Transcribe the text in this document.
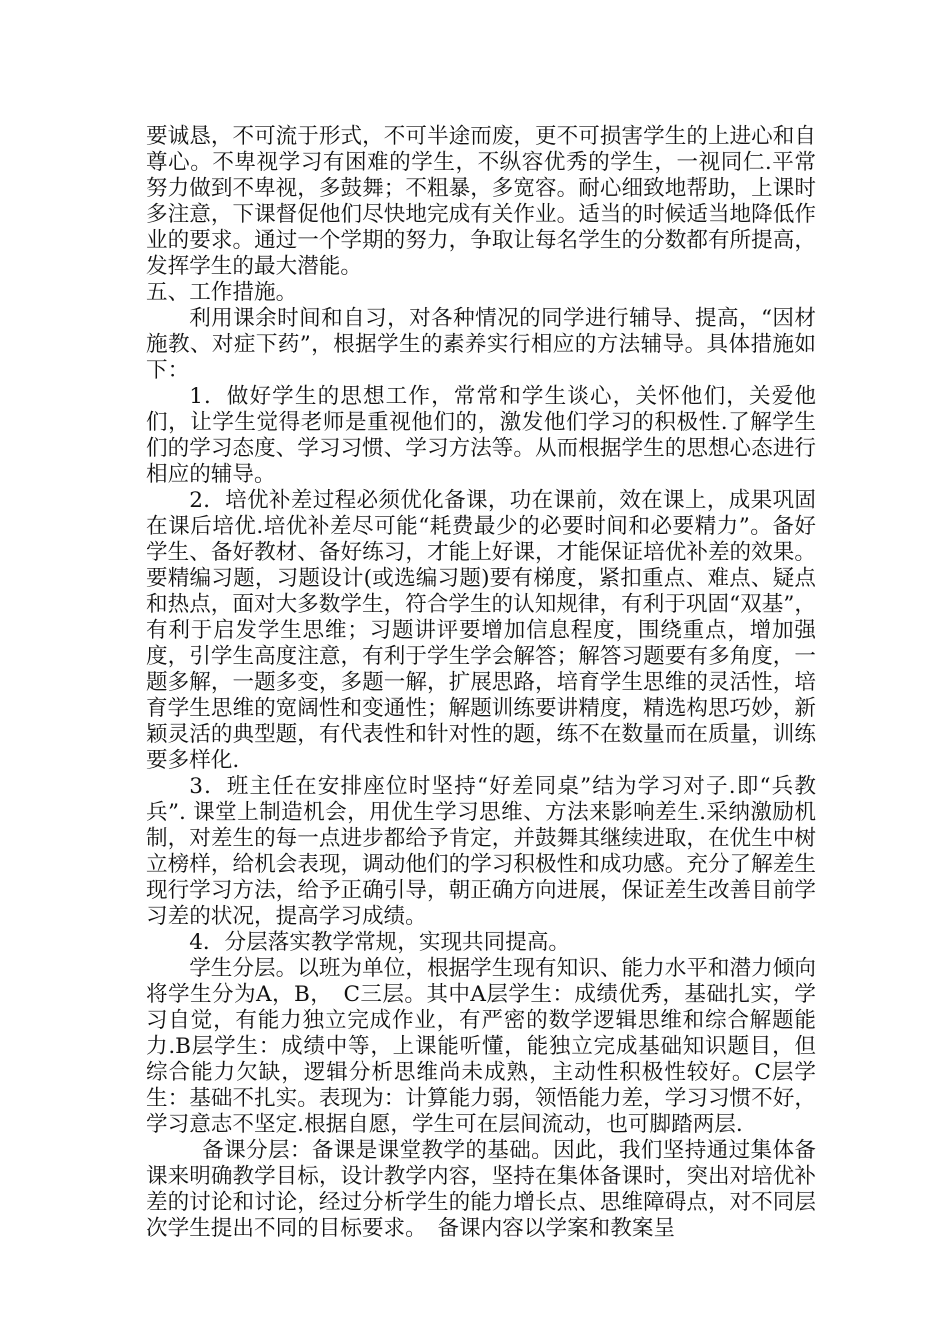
要诚恳，不可流于形式，不可半途而废，更不可损害学生的上进心和自尊心。不卑视学习有困难的学生，不纵容优秀的学生，一视同仁.平常努力做到不卑视，多鼓舞；不粗暴，多宽容。耐心细致地帮助，上课时多注意，下课督促他们尽快地完成有关作业。适当的时候适当地降低作业的要求。通过一个学期的努力，争取让每名学生的分数都有所提高，发挥学生的最大潜能。

五、工作措施。

利用课余时间和自习，对各种情况的同学进行辅导、提高，“因材施教、对症下药”，根据学生的素养实行相应的方法辅导。具体措施如下：

1．做好学生的思想工作，常常和学生谈心，关怀他们，关爱他们，让学生觉得老师是重视他们的，激发他们学习的积极性.了解学生们的学习态度、学习习惯、学习方法等。从而根据学生的思想心态进行相应的辅导。

2．培优补差过程必须优化备课，功在课前，效在课上，成果巩固在课后培优.培优补差尽可能“耗费最少的必要时间和必要精力”。备好学生、备好教材、备好练习，才能上好课，才能保证培优补差的效果。要精编习题，习题设计(或选编习题)要有梯度，紧扣重点、难点、疑点和热点，面对大多数学生，符合学生的认知规律，有利于巩固“双基”，有利于启发学生思维；习题讲评要增加信息程度，围绕重点，增加强度，引学生高度注意，有利于学生学会解答；解答习题要有多角度，一题多解，一题多变，多题一解，扩展思路，培育学生思维的灵活性，培育学生思维的宽阔性和变通性；解题训练要讲精度，精选构思巧妙，新颖灵活的典型题，有代表性和针对性的题，练不在数量而在质量，训练要多样化.

3．班主任在安排座位时坚持“好差同桌”结为学习对子.即“兵教兵”. 课堂上制造机会，用优生学习思维、方法来影响差生.采纳激励机制，对差生的每一点进步都给予肯定，并鼓舞其继续进取，在优生中树立榜样，给机会表现，调动他们的学习积极性和成功感。充分了解差生现行学习方法，给予正确引导，朝正确方向进展，保证差生改善目前学习差的状况，提高学习成绩。

4．分层落实教学常规，实现共同提高。

学生分层。以班为单位，根据学生现有知识、能力水平和潜力倾向将学生分为A，B，　C三层。其中A层学生：成绩优秀，基础扎实，学习自觉，有能力独立完成作业，有严密的数学逻辑思维和综合解题能力.B层学生：成绩中等，上课能听懂，能独立完成基础知识题目，但综合能力欠缺，逻辑分析思维尚未成熟，主动性积极性较好。C层学生：基础不扎实。表现为：计算能力弱，领悟能力差，学习习惯不好，学习意志不坚定.根据自愿，学生可在层间流动，也可脚踏两层.

备课分层：备课是课堂教学的基础。因此，我们坚持通过集体备课来明确教学目标，设计教学内容，坚持在集体备课时，突出对培优补差的讨论和讨论，经过分析学生的能力增长点、思维障碍点，对不同层次学生提出不同的目标要求。　备课内容以学案和教案呈
